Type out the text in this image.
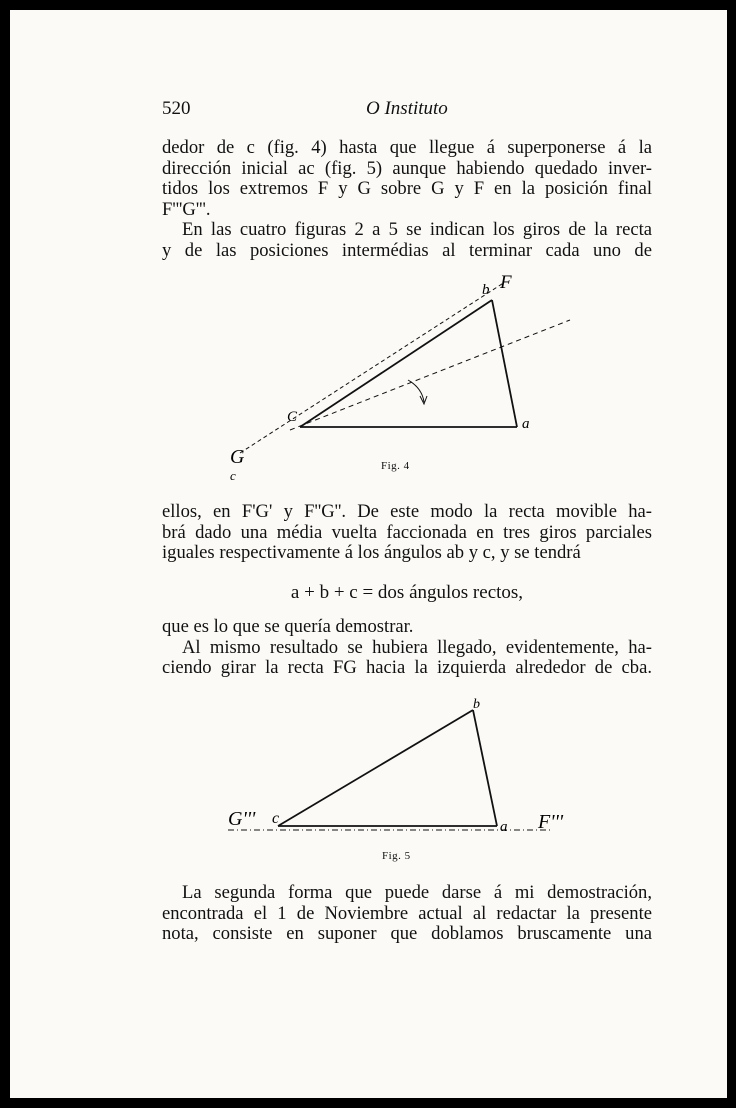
520	O Instituto
dedor de c (fig. 4) hasta que llegue á superponerse á la
dirección inicial ac (fig. 5) aunque habiendo quedado inver-
tidos los extremos F y G sobre G y F en la posición final
F'''G'''.
En las cuatro figuras 2 a 5 se indican los giros de la recta
y de las posiciones intermédias al terminar cada uno de
b F
C	a
G
c
Fig. 4
ellos, en F'G' y F''G''. De este modo la recta movible ha-
brá dado una média vuelta faccionada en tres giros parciales
iguales respectivamente á los ángulos ab y c, y se tendrá
a + b + c = dos ángulos rectos,
que es lo que se quería demostrar.
Al mismo resultado se hubiera llegado, evidentemente, ha-
ciendo girar la recta FG hacia la izquierda alrededor de cba.
b
G''' c	a F'''
Fig. 5
La segunda forma que puede darse á mi demostración,
encontrada el 1 de Noviembre actual al redactar la presente
nota, consiste en suponer que doblamos bruscamente una
